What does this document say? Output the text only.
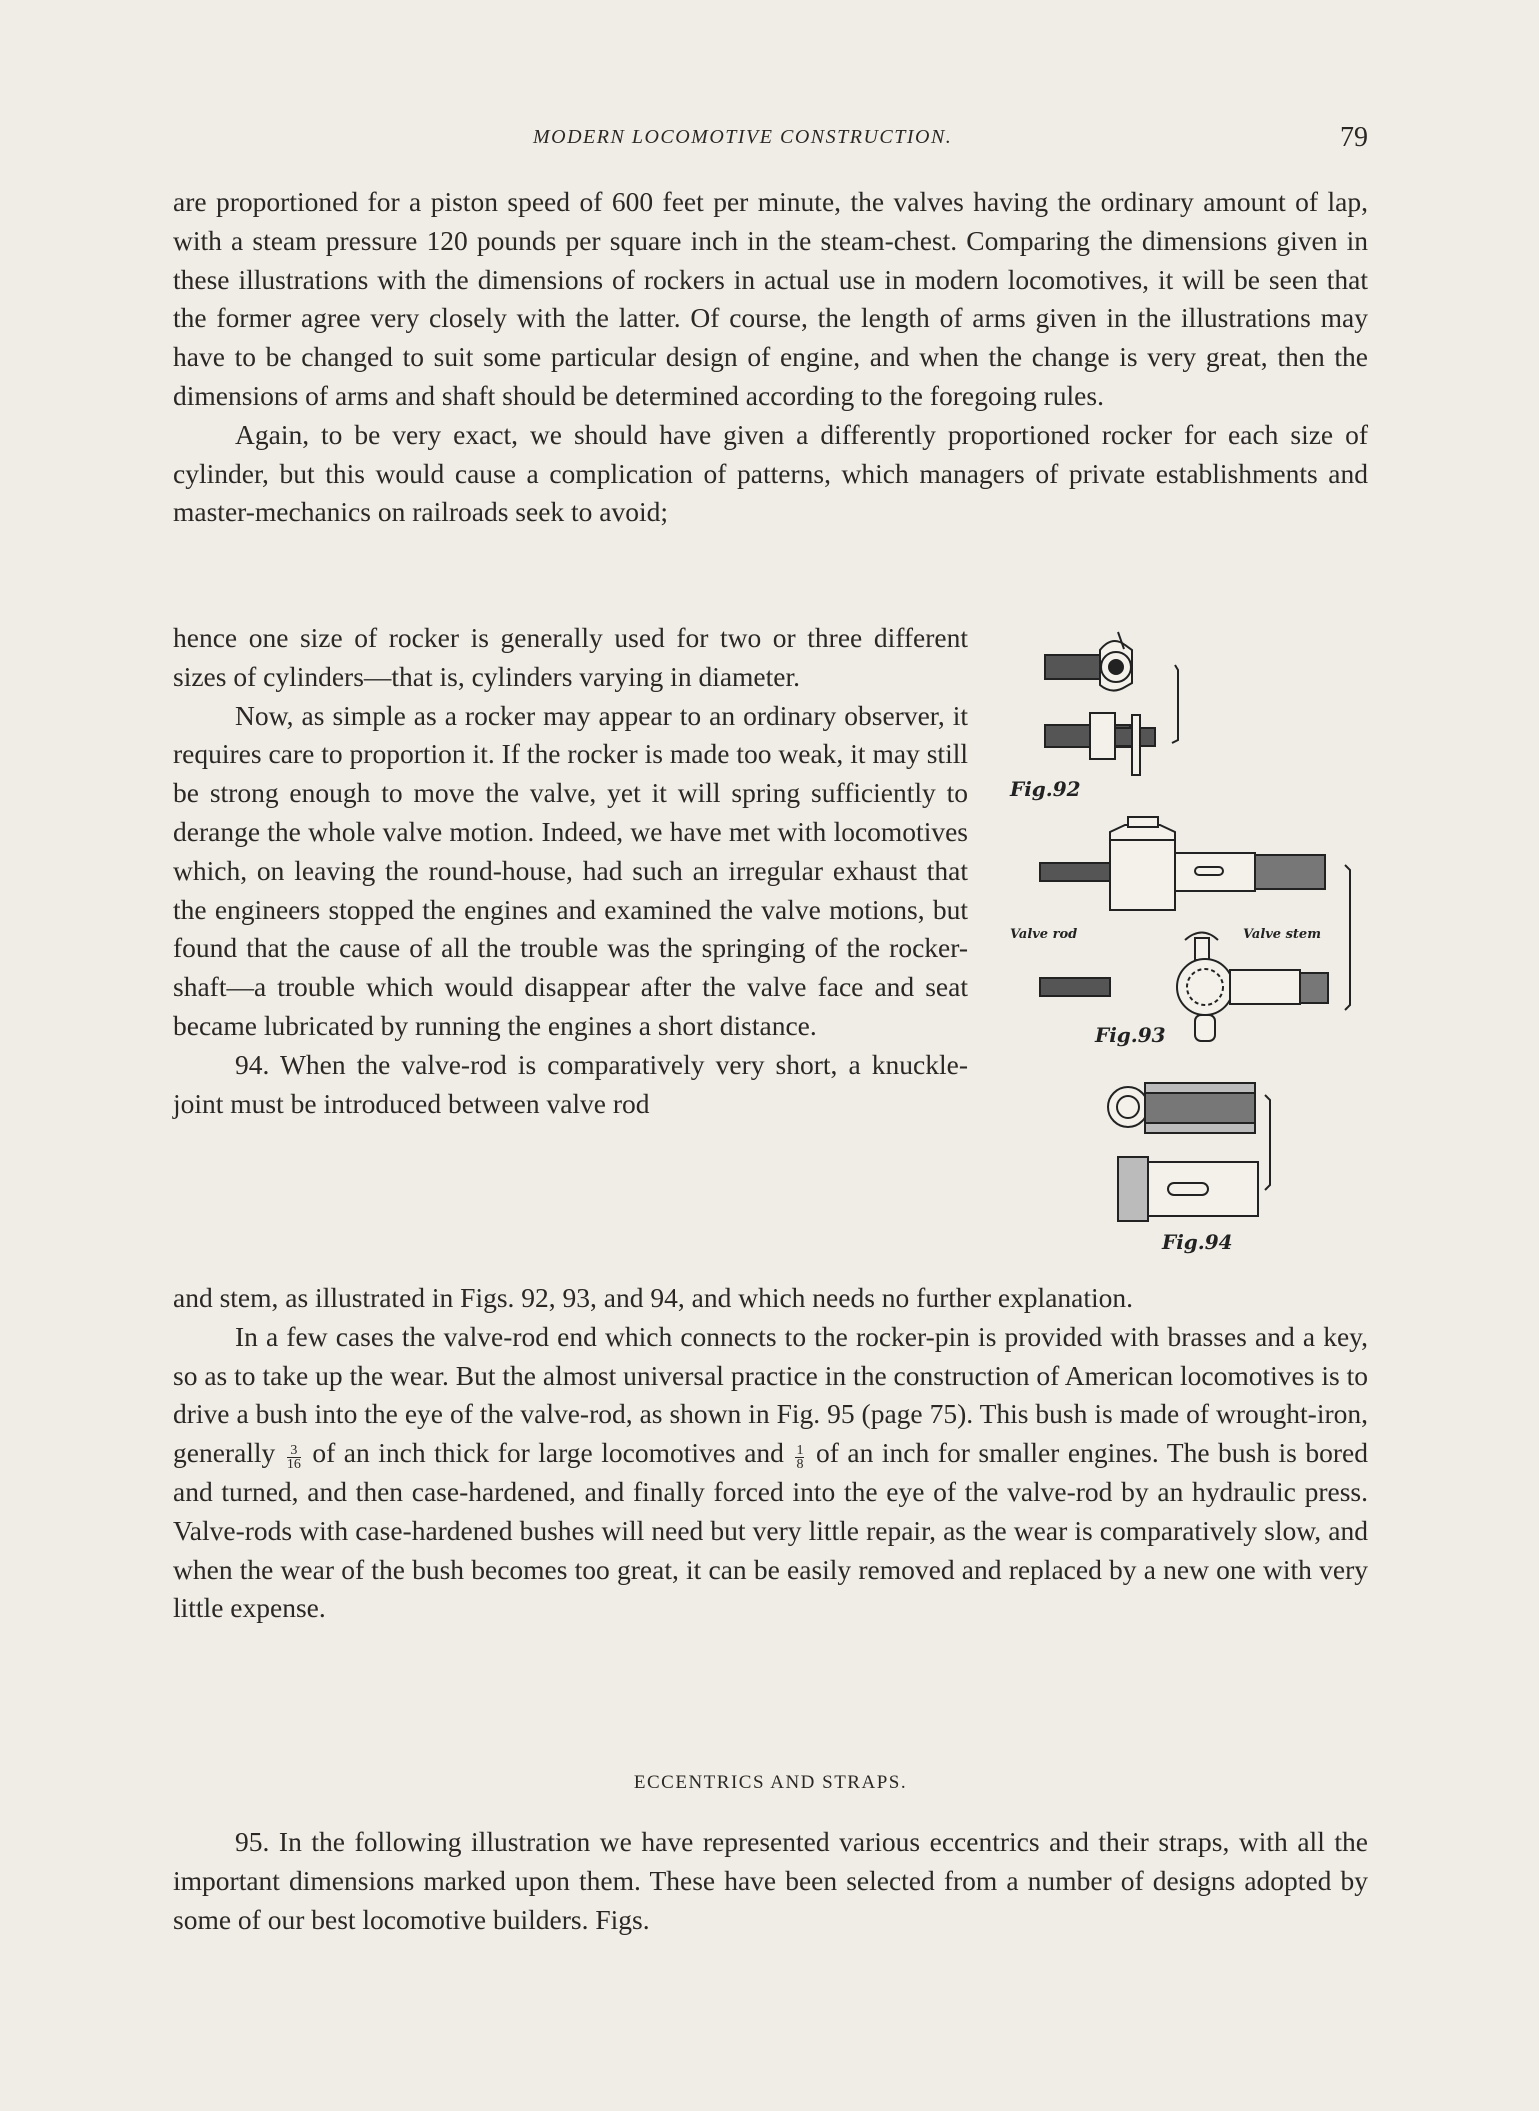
MODERN LOCOMOTIVE CONSTRUCTION.	79

are proportioned for a piston speed of 600 feet per minute, the valves having the ordinary amount of lap, with a steam pressure 120 pounds per square inch in the steam-chest. Comparing the dimensions given in these illustrations with the dimensions of rockers in actual use in modern locomotives, it will be seen that the former agree very closely with the latter. Of course, the length of arms given in the illustrations may have to be changed to suit some particular design of engine, and when the change is very great, then the dimensions of arms and shaft should be determined according to the foregoing rules.

Again, to be very exact, we should have given a differently proportioned rocker for each size of cylinder, but this would cause a complication of patterns, which managers of private establishments and master-mechanics on railroads seek to avoid;

hence one size of rocker is generally used for two or three different sizes of cylinders—that is, cylinders varying in diameter.

Now, as simple as a rocker may appear to an ordinary observer, it requires care to proportion it. If the rocker is made too weak, it may still be strong enough to move the valve, yet it will spring sufficiently to derange the whole valve motion. Indeed, we have met with locomotives which, on leaving the round-house, had such an irregular exhaust that the engineers stopped the engines and examined the valve motions, but found that the cause of all the trouble was the springing of the rocker-shaft—a trouble which would disappear after the valve face and seat became lubricated by running the engines a short distance.

94. When the valve-rod is comparatively very short, a knuckle-joint must be introduced between valve rod

and stem, as illustrated in Figs. 92, 93, and 94, and which needs no further explanation.

In a few cases the valve-rod end which connects to the rocker-pin is provided with brasses and a key, so as to take up the wear. But the almost universal practice in the construction of American locomotives is to drive a bush into the eye of the valve-rod, as shown in Fig. 95 (page 75). This bush is made of wrought-iron, generally $\frac{3}{16}$ of an inch thick for large locomotives and $\frac{1}{8}$ of an inch for smaller engines. The bush is bored and turned, and then case-hardened, and finally forced into the eye of the valve-rod by an hydraulic press. Valve-rods with case-hardened bushes will need but very little repair, as the wear is comparatively slow, and when the wear of the bush becomes too great, it can be easily removed and replaced by a new one with very little expense.

ECCENTRICS AND STRAPS.

95. In the following illustration we have represented various eccentrics and their straps, with all the important dimensions marked upon them. These have been selected from a number of designs adopted by some of our best locomotive builders. Figs.

Fig.92
Valve rod	Valve stem
Fig.93
Fig.94
